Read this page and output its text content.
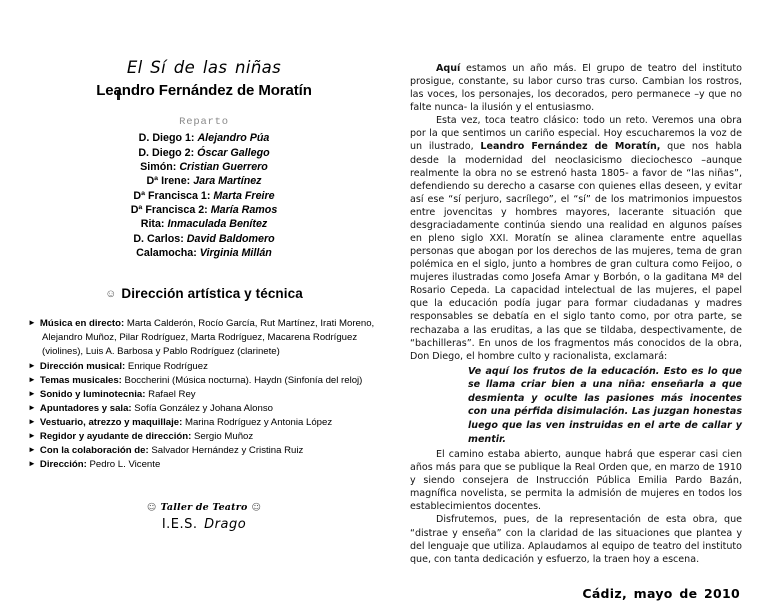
El Sí de las niñas
Leandro Fernández de Moratín
Reparto
D. Diego 1: Alejandro Púa
D. Diego 2: Óscar Gallego
Simón: Cristian Guerrero
Dª Irene: Jara Martínez
Dª Francisca 1: Marta Freire
Dª Francisca 2: María Ramos
Rita: Inmaculada Benítez
D. Carlos: David Baldomero
Calamocha: Virginia Millán
☺ Dirección artística y técnica
► Música en directo: Marta Calderón, Rocío García, Rut Martínez, Irati Moreno, Alejandro Muñoz, Pilar Rodríguez, Marta Rodríguez, Macarena Rodríguez (violines), Luis A. Barbosa y Pablo Rodríguez (clarinete)
► Dirección musical: Enrique Rodríguez
► Temas musicales: Boccherini (Música nocturna). Haydn (Sinfonía del reloj)
► Sonido y luminotecnia: Rafael Rey
► Apuntadores y sala: Sofía González y Johana Alonso
► Vestuario, atrezzo y maquillaje: Marina Rodríguez y Antonia López
► Regidor y ayudante de dirección: Sergio Muñoz
► Con la colaboración de: Salvador Hernández y Cristina Ruiz
► Dirección: Pedro L. Vicente
☺ Taller de Teatro ☺
I.E.S. Drago

Aquí estamos un año más. El grupo de teatro del instituto prosigue, constante, su labor curso tras curso. Cambian los rostros, las voces, los personajes, los decorados, pero permanece –y que no falte nunca- la ilusión y el entusiasmo.

Esta vez, toca teatro clásico: todo un reto. Veremos una obra por la que sentimos un cariño especial. Hoy escucharemos la voz de un ilustrado, Leandro Fernández de Moratín, que nos habla desde la modernidad del neoclasicismo dieciochesco –aunque realmente la obra no se estrenó hasta 1805- a favor de “las niñas”, defendiendo su derecho a casarse con quienes ellas deseen, y evitar así ese “sí perjuro, sacrílego”, el “sí” de los matrimonios impuestos entre jovencitas y hombres mayores, lacerante situación que desgraciadamente continúa siendo una realidad en algunos países en pleno siglo XXI. Moratín se alinea claramente entre aquellas personas que abogan por los derechos de las mujeres, tema de gran polémica en el siglo, junto a hombres de gran cultura como Feijoo, o mujeres ilustradas como Josefa Amar y Borbón, o la gaditana Mª del Rosario Cepeda. La capacidad intelectual de las mujeres, el papel que la educación podía jugar para formar ciudadanas y madres responsables se debatía en el siglo tanto como, por otra parte, se rechazaba a las eruditas, a las que se tildaba, despectivamente, de “bachilleras”. En unos de los fragmentos más conocidos de la obra, Don Diego, el hombre culto y racionalista, exclamará:

Ve aquí los frutos de la educación. Esto es lo que se llama criar bien a una niña: enseñarla a que desmienta y oculte las pasiones más inocentes con una pérfida disimulación. Las juzgan honestas luego que las ven instruidas en el arte de callar y mentir.

El camino estaba abierto, aunque habrá que esperar casi cien años más para que se publique la Real Orden que, en marzo de 1910 y siendo consejera de Instrucción Pública Emilia Pardo Bazán, magnífica novelista, se permita la admisión de mujeres en todos los establecimientos docentes.

Disfrutemos, pues, de la representación de esta obra, que “distrae y enseña” con la claridad de las situaciones que plantea y del lenguaje que utiliza. Aplaudamos al equipo de teatro del instituto que, con tanta dedicación y esfuerzo, la traen hoy a escena.

Cádiz, mayo de 2010
